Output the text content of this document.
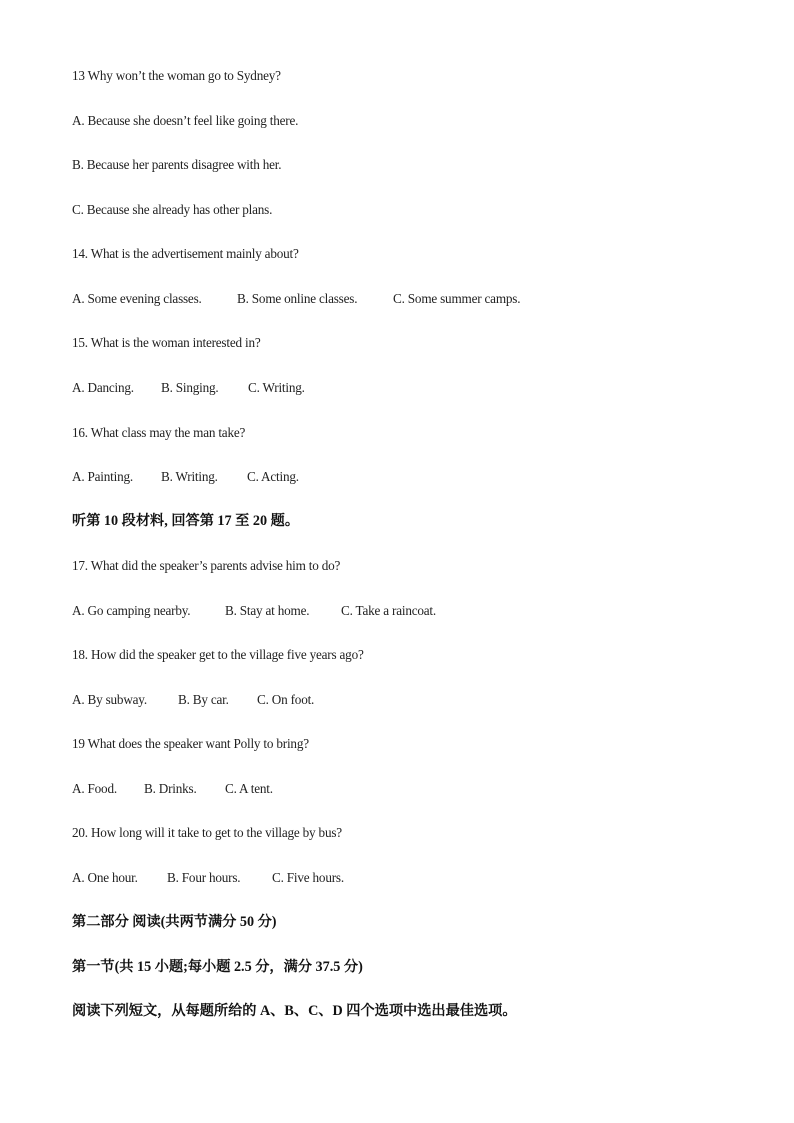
13 Why won’t the woman go to Sydney?

A. Because she doesn’t feel like going there.

B. Because her parents disagree with her.

C. Because she already has other plans.

14. What is the advertisement mainly about?

A. Some evening classes.	B. Some online classes.	C. Some summer camps.

15. What is the woman interested in?

A. Dancing.	B. Singing.	C. Writing.

16. What class may the man take?

A. Painting.	B. Writing.	C. Acting.

听第 10 段材料, 回答第 17 至 20 题。

17. What did the speaker’s parents advise him to do?

A. Go camping nearby.	B. Stay at home.	C. Take a raincoat.

18. How did the speaker get to the village five years ago?

A. By subway.	B. By car.	C. On foot.

19 What does the speaker want Polly to bring?

A. Food.	B. Drinks.	C. A tent.

20. How long will it take to get to the village by bus?

A. One hour.	B. Four hours.	C. Five hours.

第二部分 阅读(共两节满分 50 分)

第一节(共 15 小题;每小题 2.5 分，满分 37.5 分)

阅读下列短文，从每题所给的 A、B、C、D 四个选项中选出最佳选项。
